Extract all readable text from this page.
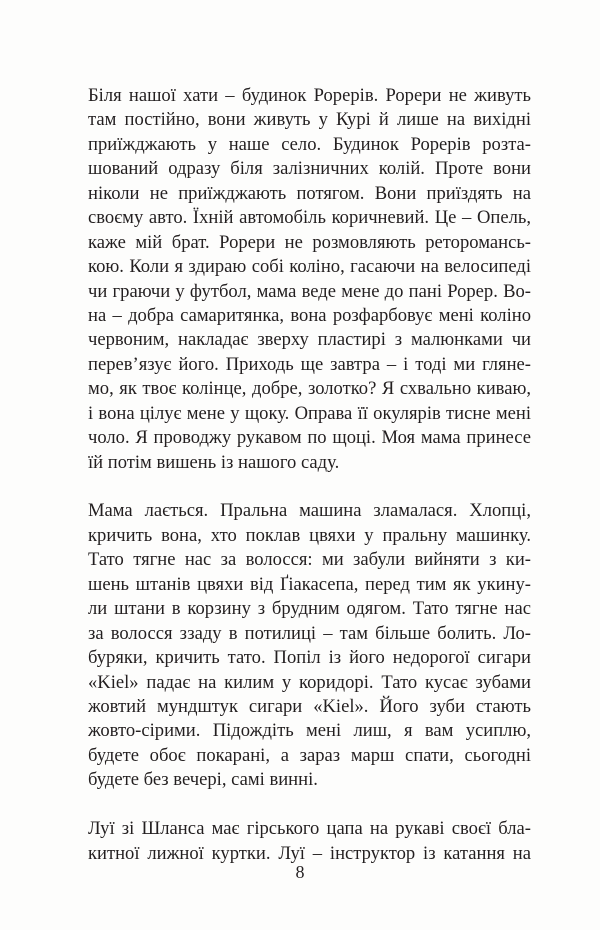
Біля нашої хати – будинок Рорерів. Рорери не живуть
там постійно, вони живуть у Курі й лише на вихідні
приїжджають у наше село. Будинок Рорерів розта-
шований одразу біля залізничних колій. Проте вони
ніколи не приїжджають потягом. Вони приїздять на
своєму авто. Їхній автомобіль коричневий. Це – Опель,
каже мій брат. Рорери не розмовляють реторомансь-
кою. Коли я здираю собі коліно, гасаючи на велосипеді
чи граючи у футбол, мама веде мене до пані Рорер. Во-
на – добра самаритянка, вона розфарбовує мені коліно
червоним, накладає зверху пластирі з малюнками чи
перев’язує його. Приходь ще завтра – і тоді ми гляне-
мо, як твоє колінце, добре, золотко? Я схвально киваю,
і вона цілує мене у щоку. Оправа її окулярів тисне мені
чоло. Я проводжу рукавом по щоці. Моя мама принесе
їй потім вишень із нашого саду.
Мама лається. Пральна машина зламалася. Хлопці,
кричить вона, хто поклав цвяхи у пральну машинку.
Тато тягне нас за волосся: ми забули вийняти з ки-
шень штанів цвяхи від Ґіакасепа, перед тим як укину-
ли штани в корзину з брудним одягом. Тато тягне нас
за волосся ззаду в потилиці – там більше болить. Ло-
буряки, кричить тато. Попіл із його недорогої сигари
«Kiel» падає на килим у коридорі. Тато кусає зубами
жовтий мундштук сигари «Kiel». Його зуби стають
жовто-сірими. Підождіть мені лиш, я вам усиплю,
будете обоє покарані, а зараз марш спати, сьогодні
будете без вечері, самі винні.
Луї зі Шланса має гірського цапа на рукаві своєї бла-
китної лижної куртки. Луї – інструктор із катання на
8
